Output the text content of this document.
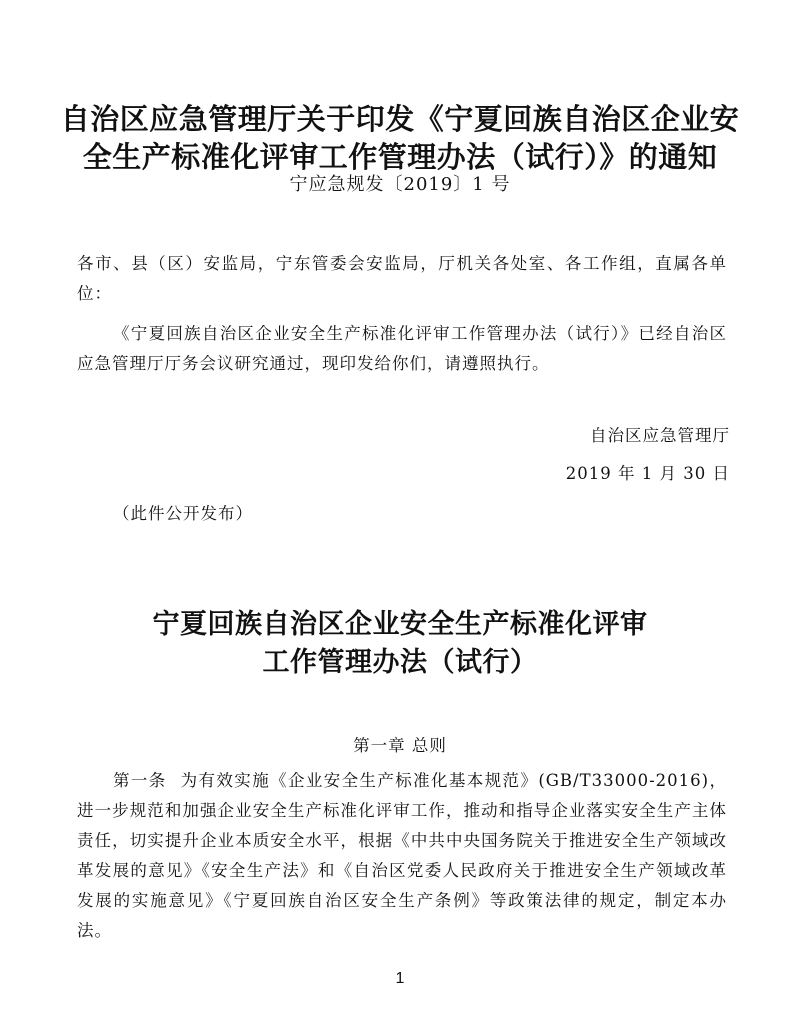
自治区应急管理厅关于印发《宁夏回族自治区企业安
全生产标准化评审工作管理办法（试行）》的通知
宁应急规发〔2019〕1 号
各市、县（区）安监局，宁东管委会安监局，厅机关各处室、各工作组，直属各单位：
《宁夏回族自治区企业安全生产标准化评审工作管理办法（试行）》已经自治区应急管理厅厅务会议研究通过，现印发给你们，请遵照执行。
自治区应急管理厅
2019 年 1 月 30 日
（此件公开发布）
宁夏回族自治区企业安全生产标准化评审
工作管理办法（试行）
第一章 总则
第一条 为有效实施《企业安全生产标准化基本规范》(GB/T33000-2016)，进一步规范和加强企业安全生产标准化评审工作，推动和指导企业落实安全生产主体责任，切实提升企业本质安全水平，根据《中共中央国务院关于推进安全生产领域改革发展的意见》《安全生产法》和《自治区党委人民政府关于推进安全生产领域改革发展的实施意见》《宁夏回族自治区安全生产条例》等政策法律的规定，制定本办法。
1
